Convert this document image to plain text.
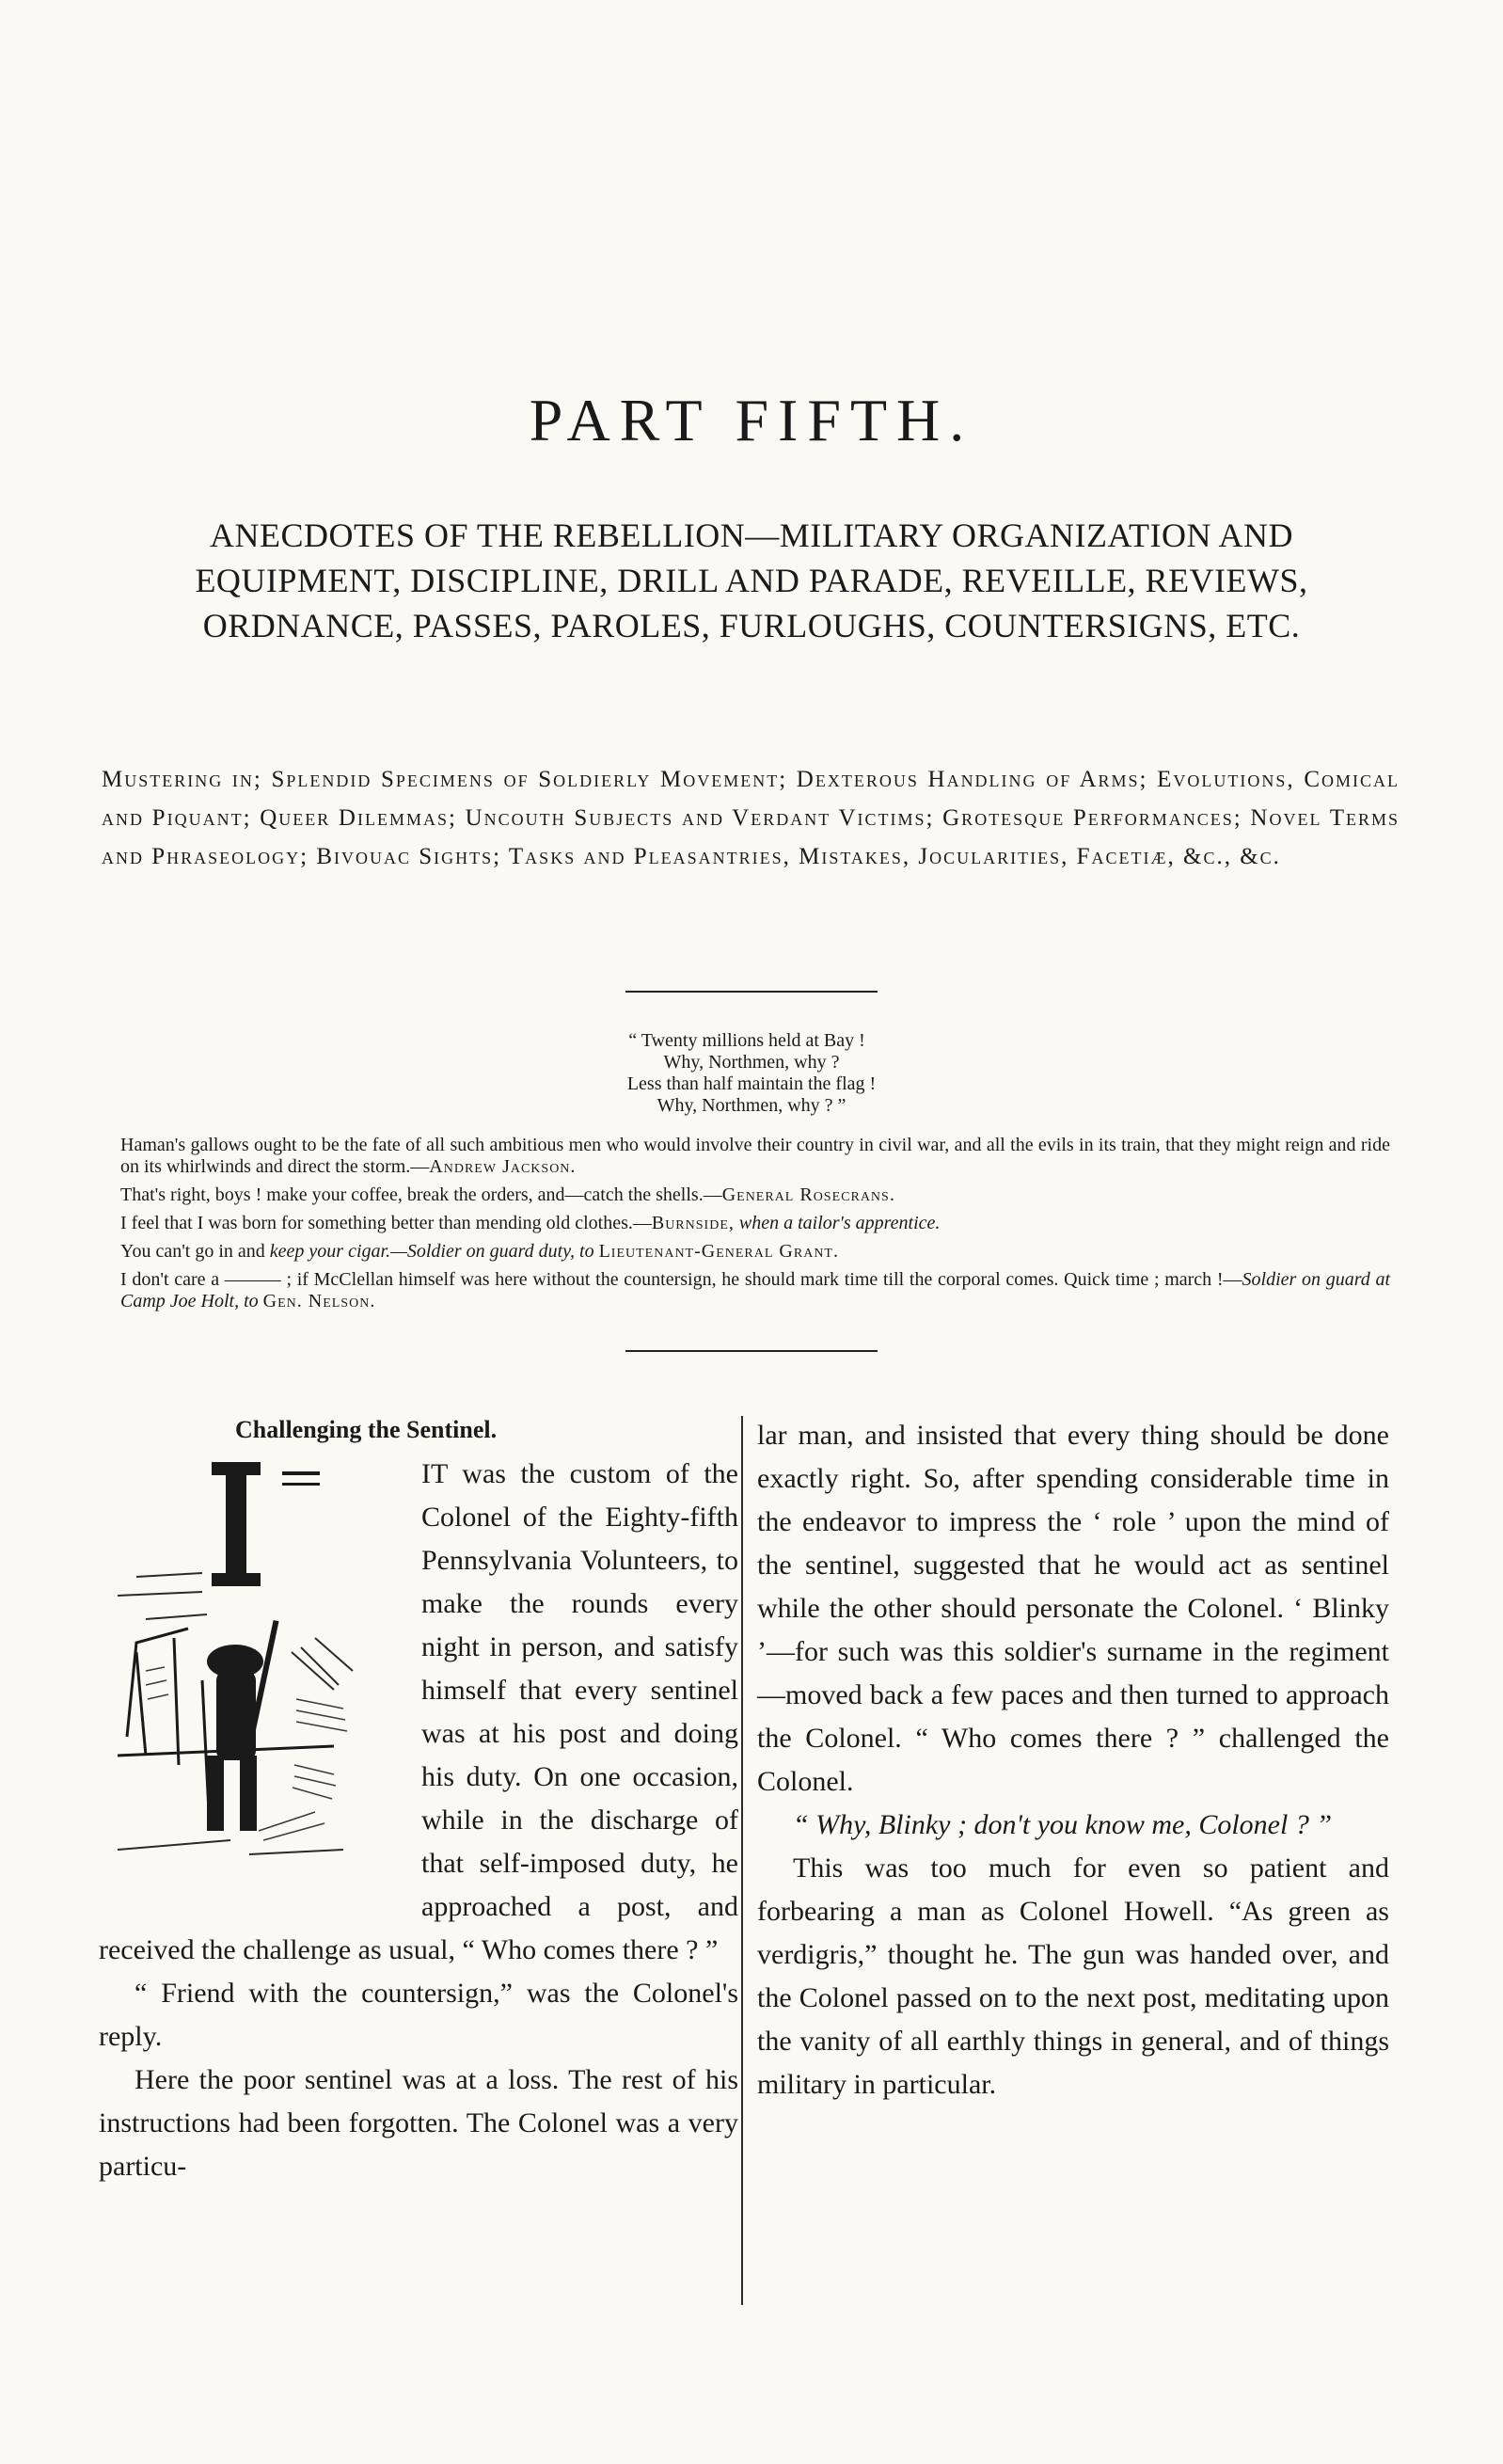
PART FIFTH.
ANECDOTES OF THE REBELLION—MILITARY ORGANIZATION AND EQUIPMENT, DISCIPLINE, DRILL AND PARADE, REVEILLE, REVIEWS, ORDNANCE, PASSES, PAROLES, FURLOUGHS, COUNTERSIGNS, ETC.
Mustering in; Splendid Specimens of Soldierly Movement; Dexterous Handling of Arms; Evolutions, Comical and Piquant; Queer Dilemmas; Uncouth Subjects and Verdant Victims; Grotesque Performances; Novel Terms and Phraseology; Bivouac Sights; Tasks and Pleasantries, Mistakes, Jocularities, Facetiæ, &c., &c.
“ Twenty millions held at Bay !
Why, Northmen, why ?
Less than half maintain the flag !
Why, Northmen, why ? ”
Haman's gallows ought to be the fate of all such ambitious men who would involve their country in civil war, and all the evils in its train, that they might reign and ride on its whirlwinds and direct the storm.—Andrew Jackson.
That's right, boys ! make your coffee, break the orders, and—catch the shells.—General Rosecrans.
I feel that I was born for something better than mending old clothes.—Burnside, when a tailor's apprentice.
You can't go in and keep your cigar.—Soldier on guard duty, to Lieutenant-General Grant.
I don't care a ——— ; if McClellan himself was here without the countersign, he should mark time till the corporal comes. Quick time ; march !—Soldier on guard at Camp Joe Holt, to Gen. Nelson.
Challenging the Sentinel.

IT was the custom of the Colonel of the Eighty-fifth Pennsylvania Volunteers, to make the rounds every night in person, and satisfy himself that every sentinel was at his post and doing his duty. On one occasion, while in the discharge of that self-imposed duty, he approached a post, and received the challenge as usual, “ Who comes there ? ”

“ Friend with the countersign,” was the Colonel's reply.

Here the poor sentinel was at a loss. The rest of his instructions had been forgotten. The Colonel was a very particu-

lar man, and insisted that every thing should be done exactly right. So, after spending considerable time in the endeavor to impress the ‘ role ’ upon the mind of the sentinel, suggested that he would act as sentinel while the other should personate the Colonel. ‘ Blinky ’—for such was this soldier's surname in the regiment—moved back a few paces and then turned to approach the Colonel. “ Who comes there ? ” challenged the Colonel.

“ Why, Blinky ; don't you know me, Colonel ? ”

This was too much for even so patient and forbearing a man as Colonel Howell. “As green as verdigris,” thought he. The gun was handed over, and the Colonel passed on to the next post, meditating upon the vanity of all earthly things in general, and of things military in particular.
